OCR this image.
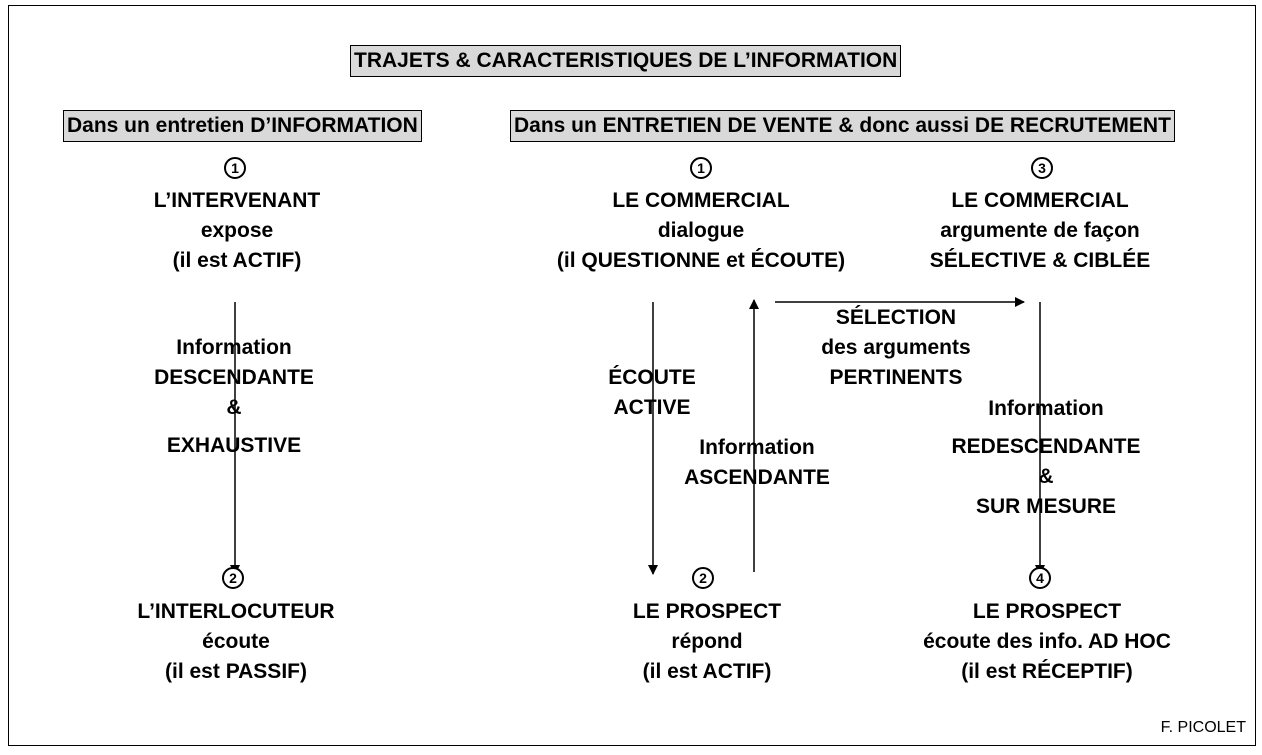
TRAJETS & CARACTERISTIQUES DE L’INFORMATION
Dans un entretien D’INFORMATION	Dans un ENTRETIEN DE VENTE & donc aussi DE RECRUTEMENT
1
L’INTERVENANT
expose
(il est ACTIF)
Information
DESCENDANTE
&
EXHAUSTIVE
2
L’INTERLOCUTEUR
écoute
(il est PASSIF)
1
LE COMMERCIAL
dialogue
(il QUESTIONNE et ÉCOUTE)
3
LE COMMERCIAL
argumente de façon
SÉLECTIVE & CIBLÉE
ÉCOUTE
ACTIVE
Information
ASCENDANTE
SÉLECTION
des arguments
PERTINENTS
Information
REDESCENDANTE
&
SUR MESURE
2
LE PROSPECT
répond
(il est ACTIF)
4
LE PROSPECT
écoute des info. AD HOC
(il est RÉCEPTIF)
F. PICOLET
